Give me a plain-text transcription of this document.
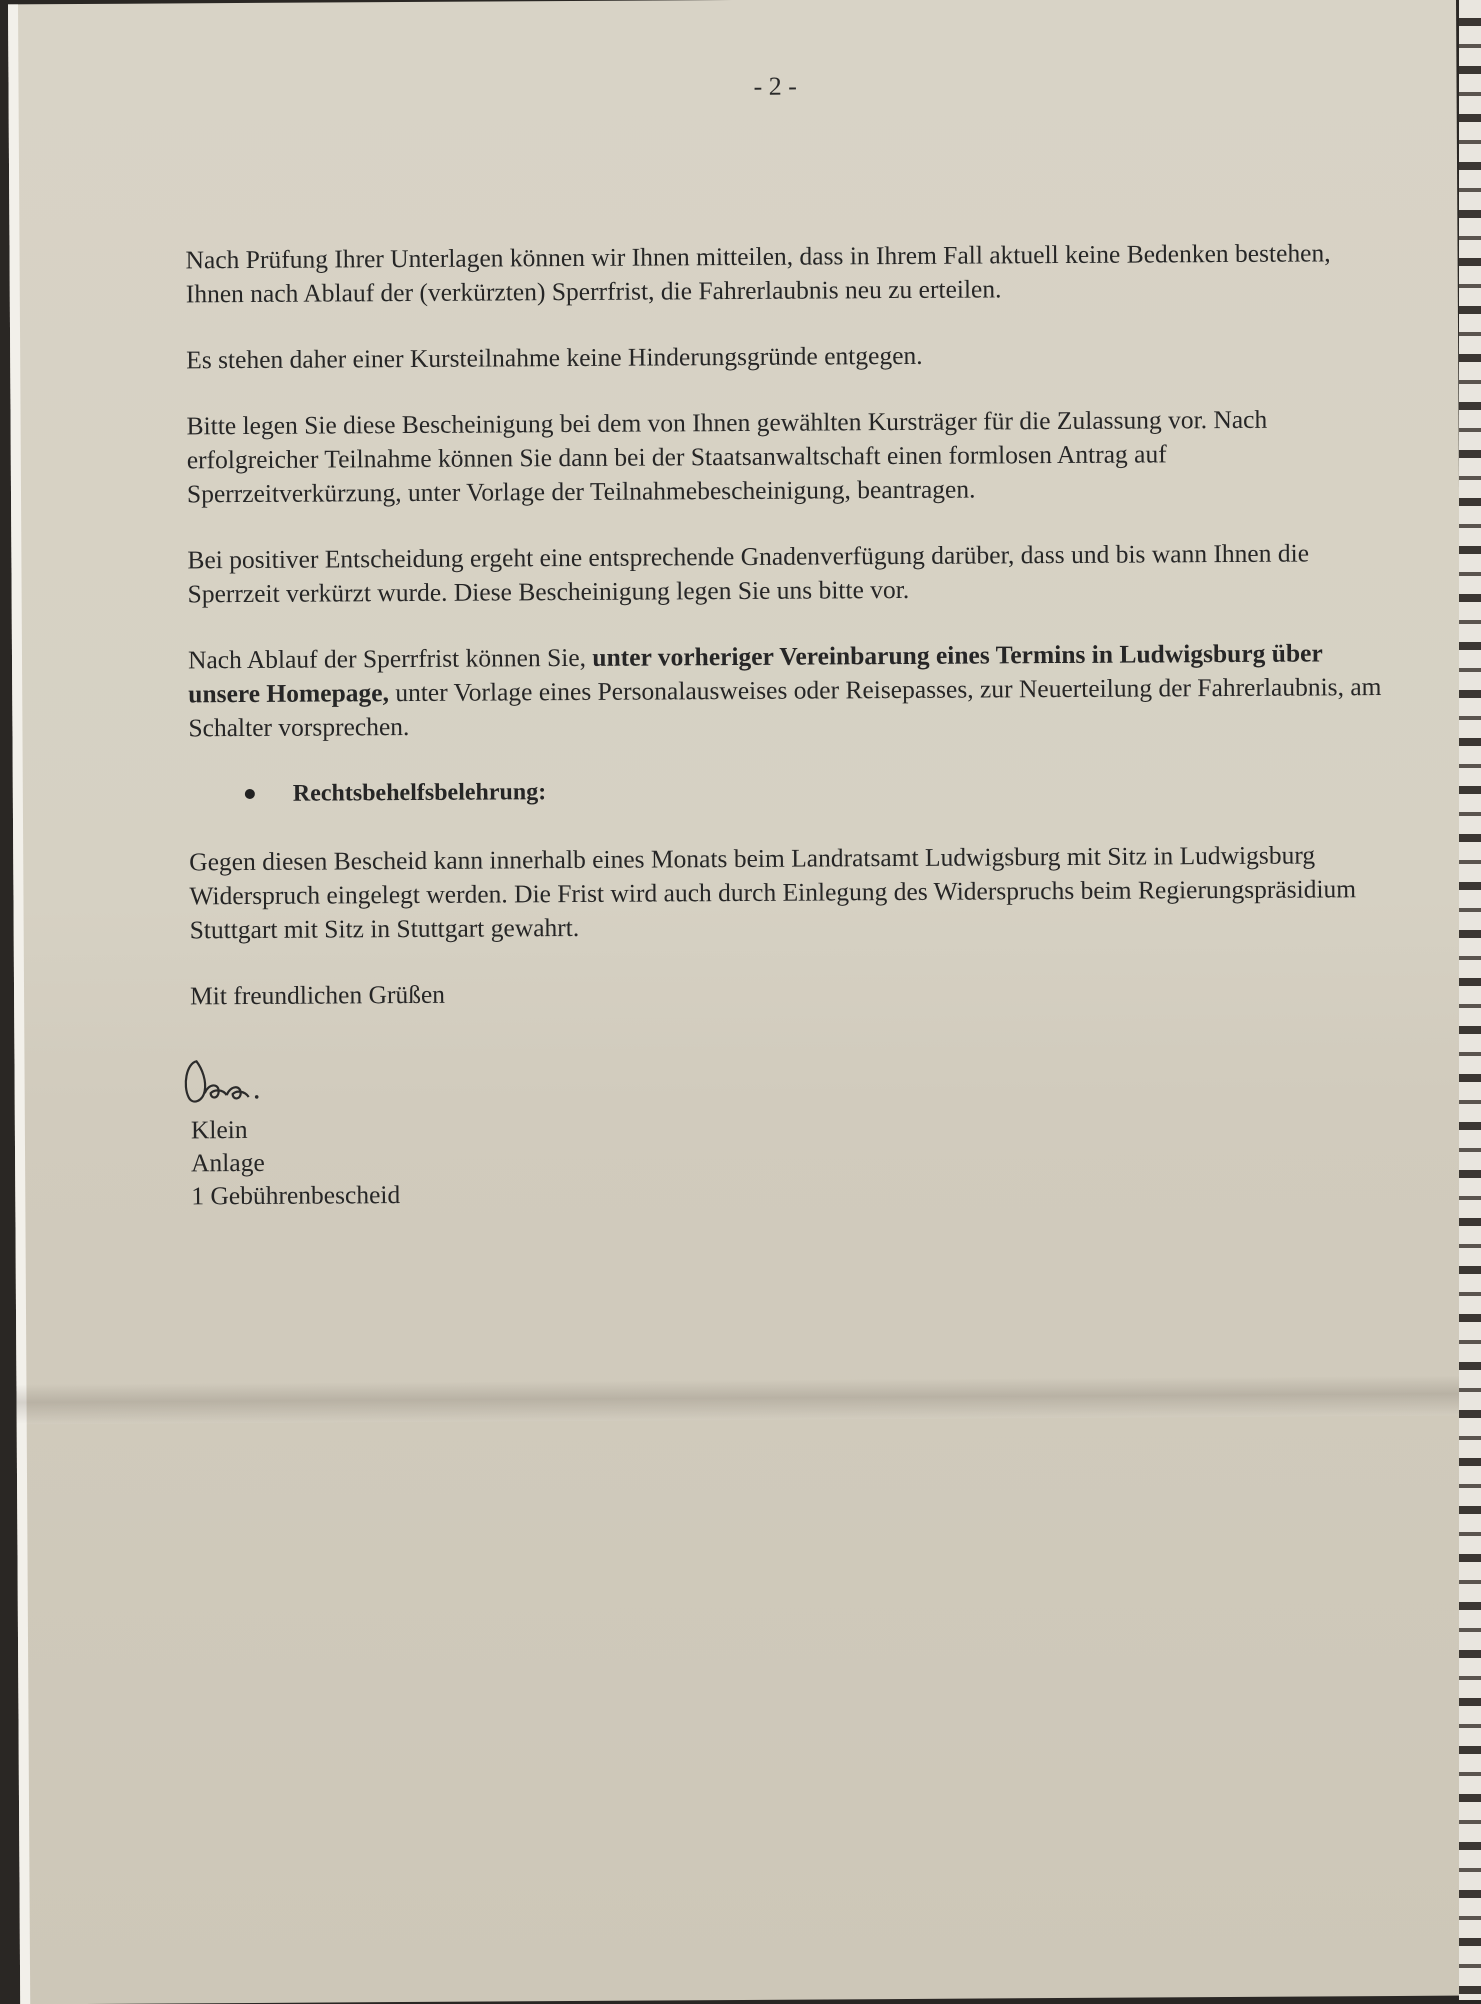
- 2 -

Nach Prüfung Ihrer Unterlagen können wir Ihnen mitteilen, dass in Ihrem Fall aktuell keine Bedenken bestehen, Ihnen nach Ablauf der (verkürzten) Sperrfrist, die Fahrerlaubnis neu zu erteilen.

Es stehen daher einer Kursteilnahme keine Hinderungsgründe entgegen.

Bitte legen Sie diese Bescheinigung bei dem von Ihnen gewählten Kursträger für die Zulassung vor. Nach erfolgreicher Teilnahme können Sie dann bei der Staatsanwaltschaft einen formlosen Antrag auf Sperrzeitverkürzung, unter Vorlage der Teilnahmebescheinigung, beantragen.

Bei positiver Entscheidung ergeht eine entsprechende Gnadenverfügung darüber, dass und bis wann Ihnen die Sperrzeit verkürzt wurde. Diese Bescheinigung legen Sie uns bitte vor.

Nach Ablauf der Sperrfrist können Sie, unter vorheriger Vereinbarung eines Termins in Ludwigsburg über unsere Homepage, unter Vorlage eines Personalausweises oder Reisepasses, zur Neuerteilung der Fahrerlaubnis, am Schalter vorsprechen.

Rechtsbehelfsbelehrung:

Gegen diesen Bescheid kann innerhalb eines Monats beim Landratsamt Ludwigsburg mit Sitz in Ludwigsburg Widerspruch eingelegt werden. Die Frist wird auch durch Einlegung des Widerspruchs beim Regierungspräsidium Stuttgart mit Sitz in Stuttgart gewahrt.

Mit freundlichen Grüßen

Klein

Anlage

1 Gebührenbescheid
